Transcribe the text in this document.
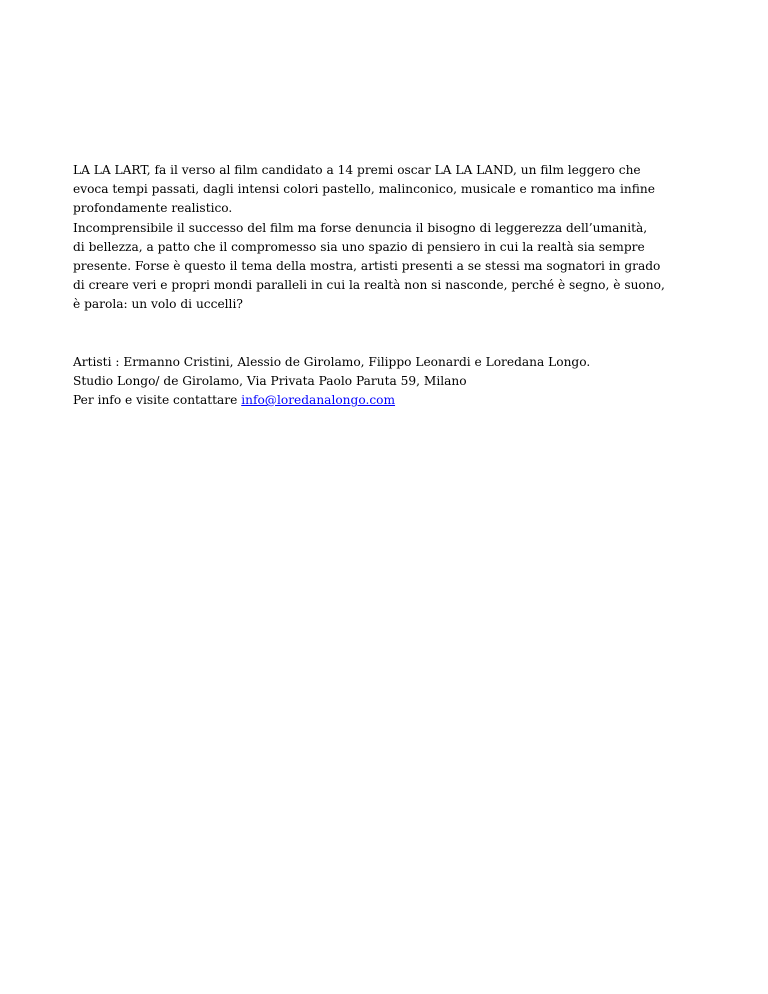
LA LA LART, fa il verso al film candidato a 14 premi oscar LA LA LAND, un film leggero che
evoca tempi passati, dagli intensi colori pastello, malinconico, musicale e romantico ma infine
profondamente realistico.

Incomprensibile il successo del film ma forse denuncia il bisogno di leggerezza dell’umanità,
di bellezza, a patto che il compromesso sia uno spazio di pensiero in cui la realtà sia sempre
presente. Forse è questo il tema della mostra, artisti presenti a se stessi ma sognatori in grado
di creare veri e propri mondi paralleli in cui la realtà non si nasconde, perché è segno, è suono,
è parola: un volo di uccelli?

Artisti : Ermanno Cristini, Alessio de Girolamo, Filippo Leonardi e Loredana Longo.
Studio Longo/ de Girolamo, Via Privata Paolo Paruta 59, Milano
Per info e visite contattare info@loredanalongo.com
